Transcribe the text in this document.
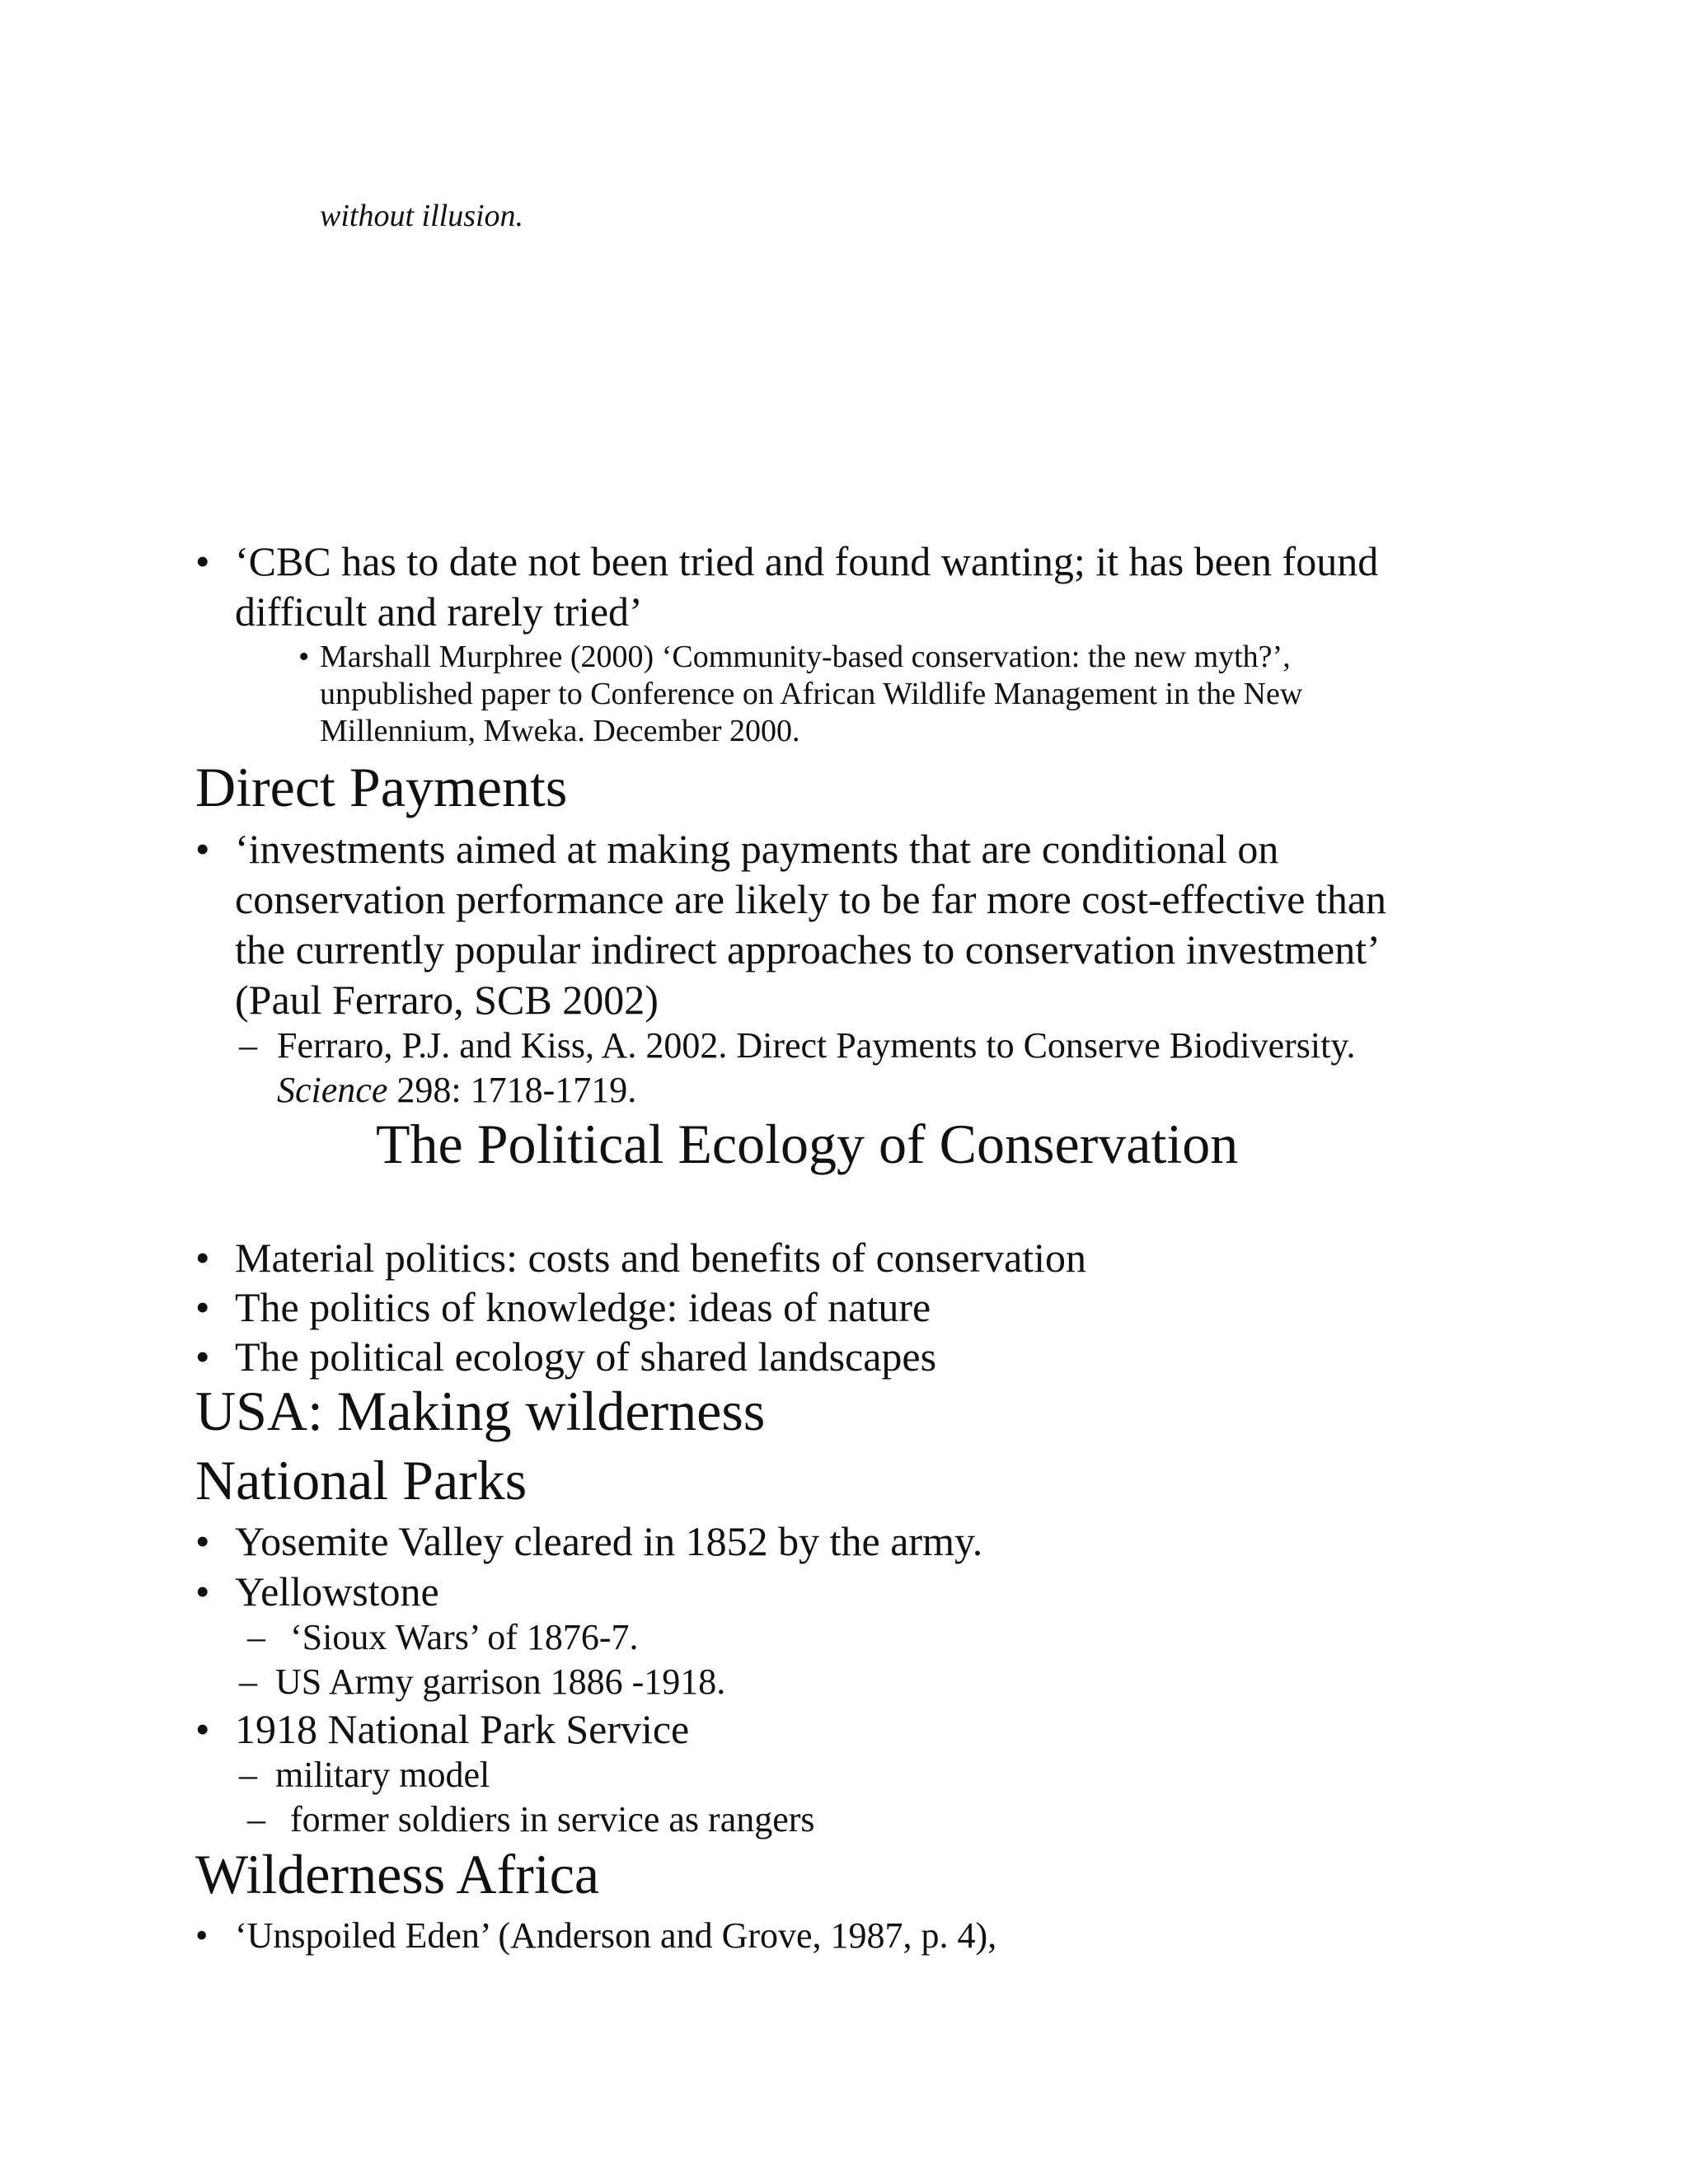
without illusion.
• ‘CBC has to date not been tried and found wanting; it has been found
difficult and rarely tried’
• Marshall Murphree (2000) ‘Community-based conservation: the new myth?’,
unpublished paper to Conference on African Wildlife Management in the New
Millennium, Mweka. December 2000.
Direct Payments
• ‘investments aimed at making payments that are conditional on
conservation performance are likely to be far more cost-effective than
the currently popular indirect approaches to conservation investment’
(Paul Ferraro, SCB 2002)
– Ferraro, P.J. and Kiss, A. 2002. Direct Payments to Conserve Biodiversity.
Science 298: 1718-1719.
The Political Ecology of Conservation
• Material politics: costs and benefits of conservation
• The politics of knowledge: ideas of nature
• The political ecology of shared landscapes
USA: Making wilderness
National Parks
• Yosemite Valley cleared in 1852 by the army.
• Yellowstone
– ‘Sioux Wars’ of 1876-7.
– US Army garrison 1886 -1918.
• 1918 National Park Service
– military model
– former soldiers in service as rangers
Wilderness Africa
• ‘Unspoiled Eden’ (Anderson and Grove, 1987, p. 4),
